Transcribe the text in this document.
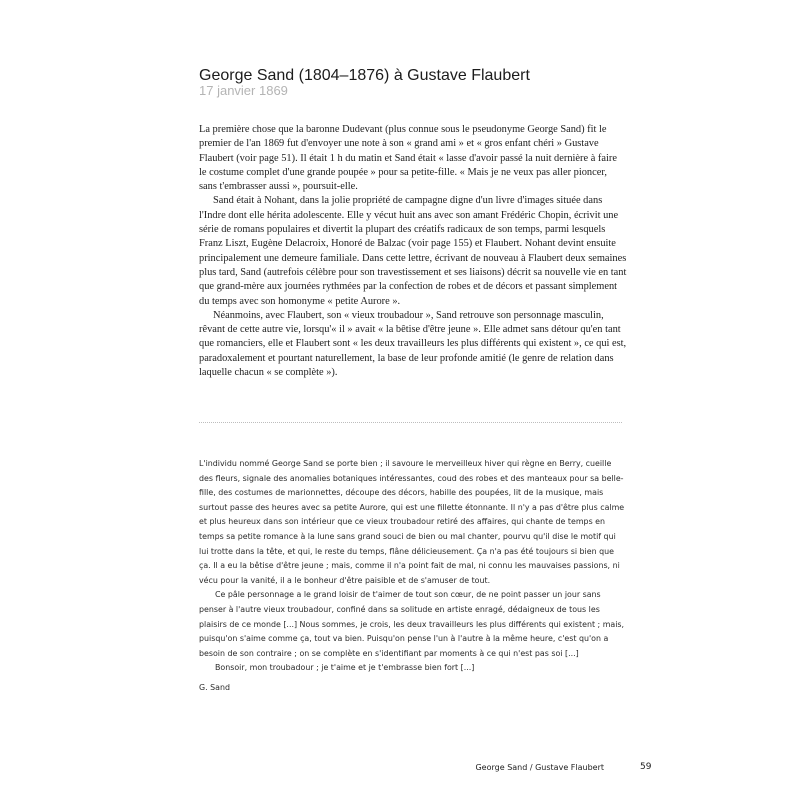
George Sand (1804–1876) à Gustave Flaubert
17 janvier 1869

La première chose que la baronne Dudevant (plus connue sous le pseudonyme George Sand) fit le premier de l'an 1869 fut d'envoyer une note à son « grand ami » et « gros enfant chéri » Gustave Flaubert (voir page 51). Il était 1 h du matin et Sand était « lasse d'avoir passé la nuit dernière à faire le costume complet d'une grande poupée » pour sa petite-fille. « Mais je ne veux pas aller pioncer, sans t'embrasser aussi », poursuit-elle.

Sand était à Nohant, dans la jolie propriété de campagne digne d'un livre d'images située dans l'Indre dont elle hérita adolescente. Elle y vécut huit ans avec son amant Frédéric Chopin, écrivit une série de romans populaires et divertit la plupart des créatifs radicaux de son temps, parmi lesquels Franz Liszt, Eugène Delacroix, Honoré de Balzac (voir page 155) et Flaubert. Nohant devint ensuite principalement une demeure familiale. Dans cette lettre, écrivant de nouveau à Flaubert deux semaines plus tard, Sand (autrefois célèbre pour son travestissement et ses liaisons) décrit sa nouvelle vie en tant que grand-mère aux journées rythmées par la confection de robes et de décors et passant simplement du temps avec son homonyme « petite Aurore ».

Néanmoins, avec Flaubert, son « vieux troubadour », Sand retrouve son personnage masculin, rêvant de cette autre vie, lorsqu'« il » avait « la bêtise d'être jeune ». Elle admet sans détour qu'en tant que romanciers, elle et Flaubert sont « les deux travailleurs les plus différents qui existent », ce qui est, paradoxalement et pourtant naturellement, la base de leur profonde amitié (le genre de relation dans laquelle chacun « se complète »).

L'individu nommé George Sand se porte bien ; il savoure le merveilleux hiver qui règne en Berry, cueille des fleurs, signale des anomalies botaniques intéressantes, coud des robes et des manteaux pour sa belle-fille, des costumes de marionnettes, découpe des décors, habille des poupées, lit de la musique, mais surtout passe des heures avec sa petite Aurore, qui est une fillette étonnante. Il n'y a pas d'être plus calme et plus heureux dans son intérieur que ce vieux troubadour retiré des affaires, qui chante de temps en temps sa petite romance à la lune sans grand souci de bien ou mal chanter, pourvu qu'il dise le motif qui lui trotte dans la tête, et qui, le reste du temps, flâne délicieusement. Ça n'a pas été toujours si bien que ça. Il a eu la bêtise d'être jeune ; mais, comme il n'a point fait de mal, ni connu les mauvaises passions, ni vécu pour la vanité, il a le bonheur d'être paisible et de s'amuser de tout.

Ce pâle personnage a le grand loisir de t'aimer de tout son cœur, de ne point passer un jour sans penser à l'autre vieux troubadour, confiné dans sa solitude en artiste enragé, dédaigneux de tous les plaisirs de ce monde [...] Nous sommes, je crois, les deux travailleurs les plus différents qui existent ; mais, puisqu'on s'aime comme ça, tout va bien. Puisqu'on pense l'un à l'autre à la même heure, c'est qu'on a besoin de son contraire ; on se complète en s'identifiant par moments à ce qui n'est pas soi [...]

Bonsoir, mon troubadour ; je t'aime et je t'embrasse bien fort [...]

G. Sand
George Sand / Gustave Flaubert	59
